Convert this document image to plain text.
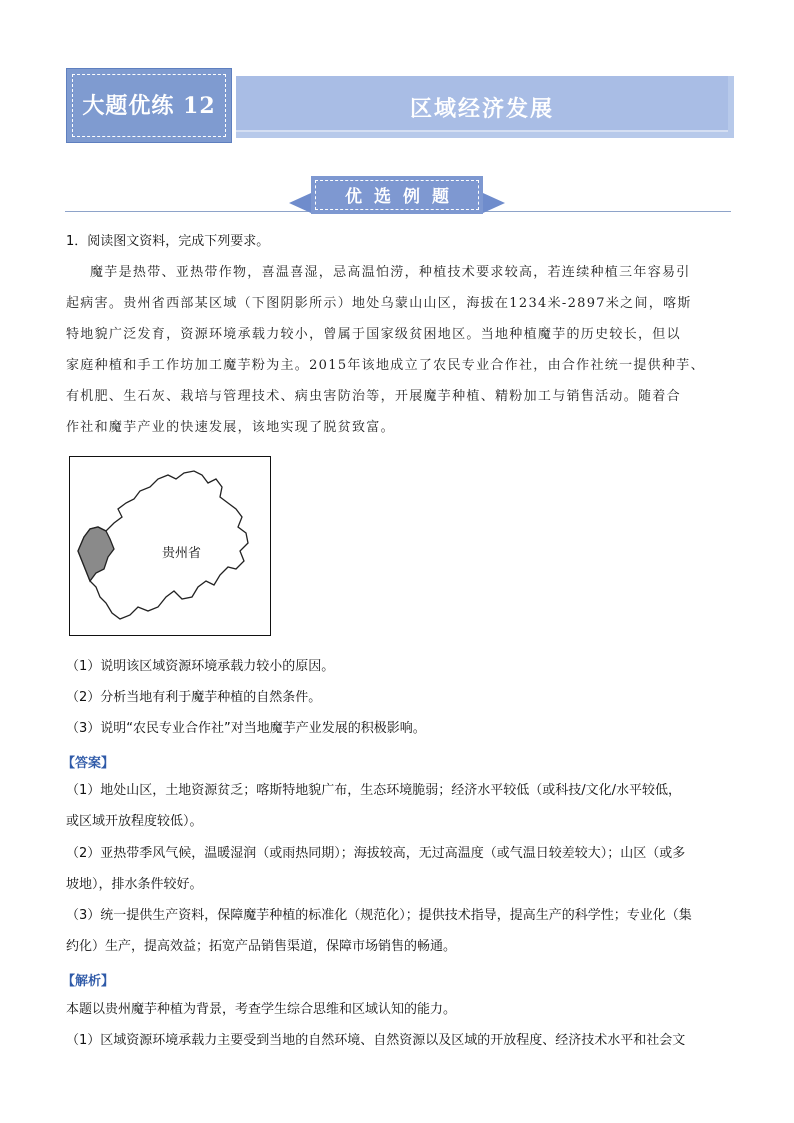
大题优练 12	区域经济发展
优选例题
1．阅读图文资料，完成下列要求。
魔芋是热带、亚热带作物，喜温喜湿，忌高温怕涝，种植技术要求较高，若连续种植三年容易引
起病害。贵州省西部某区域（下图阴影所示）地处乌蒙山山区，海拔在1234米-2897米之间，喀斯
特地貌广泛发育，资源环境承载力较小，曾属于国家级贫困地区。当地种植魔芋的历史较长，但以
家庭种植和手工作坊加工魔芋粉为主。2015年该地成立了农民专业合作社，由合作社统一提供种芋、
有机肥、生石灰、栽培与管理技术、病虫害防治等，开展魔芋种植、精粉加工与销售活动。随着合
作社和魔芋产业的快速发展，该地实现了脱贫致富。
贵州省
（1）说明该区域资源环境承载力较小的原因。
（2）分析当地有利于魔芋种植的自然条件。
（3）说明“农民专业合作社”对当地魔芋产业发展的积极影响。
【答案】
（1）地处山区，土地资源贫乏；喀斯特地貌广布，生态环境脆弱；经济水平较低（或科技/文化/水平较低，
或区域开放程度较低）。
（2）亚热带季风气候，温暖湿润（或雨热同期）；海拔较高，无过高温度（或气温日较差较大）；山区（或多
坡地），排水条件较好。
（3）统一提供生产资料，保障魔芋种植的标准化（规范化）；提供技术指导，提高生产的科学性；专业化（集
约化）生产，提高效益；拓宽产品销售渠道，保障市场销售的畅通。
【解析】
本题以贵州魔芋种植为背景，考查学生综合思维和区域认知的能力。
（1）区域资源环境承载力主要受到当地的自然环境、自然资源以及区域的开放程度、经济技术水平和社会文
